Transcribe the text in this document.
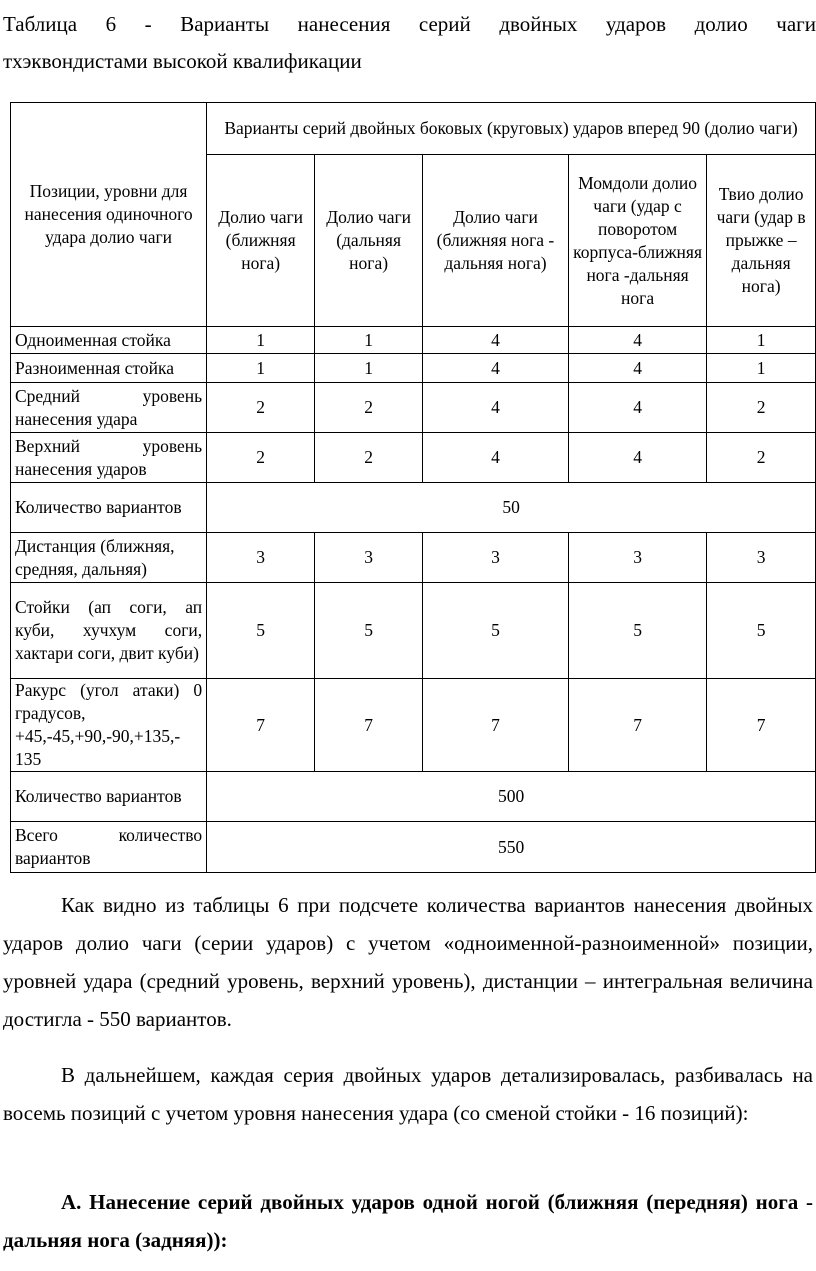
Таблица 6 - Варианты нанесения серий двойных ударов долио чаги
тхэквондистами высокой квалификации
Позиции, уровни для нанесения одиночного удара долио чаги	Варианты серий двойных боковых (круговых) ударов вперед 90 (долио чаги)				
	Долио чаги (ближняя нога)	Долио чаги (дальняя нога)	Долио чаги (ближняя нога - дальняя нога)	Момдоли долио чаги (удар с поворотом корпуса-ближняя нога -дальняя нога	Твио долио чаги (удар в прыжке –дальняя нога)
Одноименная стойка	1	1	4	4	1
Разноименная стойка	1	1	4	4	1
Средний уровень нанесения удара	2	2	4	4	2
Верхний уровень нанесения ударов	2	2	4	4	2
Количество вариантов	50				
Дистанция (ближняя, средняя, дальняя)	3	3	3	3	3
Стойки (ап соги, ап куби, хучхум соги, хактари соги, двит куби)	5	5	5	5	5
Ракурс (угол атаки) 0 градусов, +45,-45,+90,-90,+135,- 135	7	7	7	7	7
Количество вариантов	500				
Всего количество вариантов	550				
Как видно из таблицы 6 при подсчете количества вариантов нанесения двойных ударов долио чаги (серии ударов) с учетом «одноименной-разноименной» позиции, уровней удара (средний уровень, верхний уровень), дистанции – интегральная величина достигла - 550 вариантов.
В дальнейшем, каждая серия двойных ударов детализировалась, разбивалась на восемь позиций с учетом уровня нанесения удара (со сменой стойки - 16 позиций):
А. Нанесение серий двойных ударов одной ногой (ближняя (передняя) нога - дальняя нога (задняя)):
